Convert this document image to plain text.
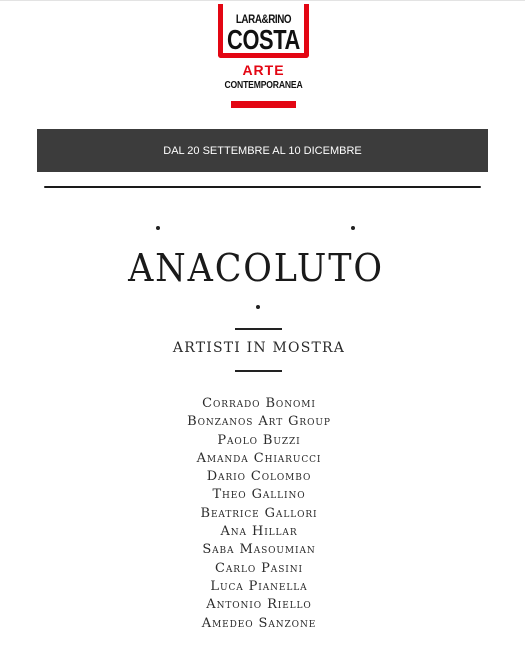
LARA&RINO
COSTA
ARTE
CONTEMPORANEA
DAL 20 SETTEMBRE AL 10 DICEMBRE
ANACOLUTO
ARTISTI IN MOSTRA
Corrado Bonomi
Bonzanos Art Group
Paolo Buzzi
Amanda Chiarucci
Dario Colombo
Theo Gallino
Beatrice Gallori
Ana Hillar
Saba Masoumian
Carlo Pasini
Luca Pianella
Antonio Riello
Amedeo Sanzone
